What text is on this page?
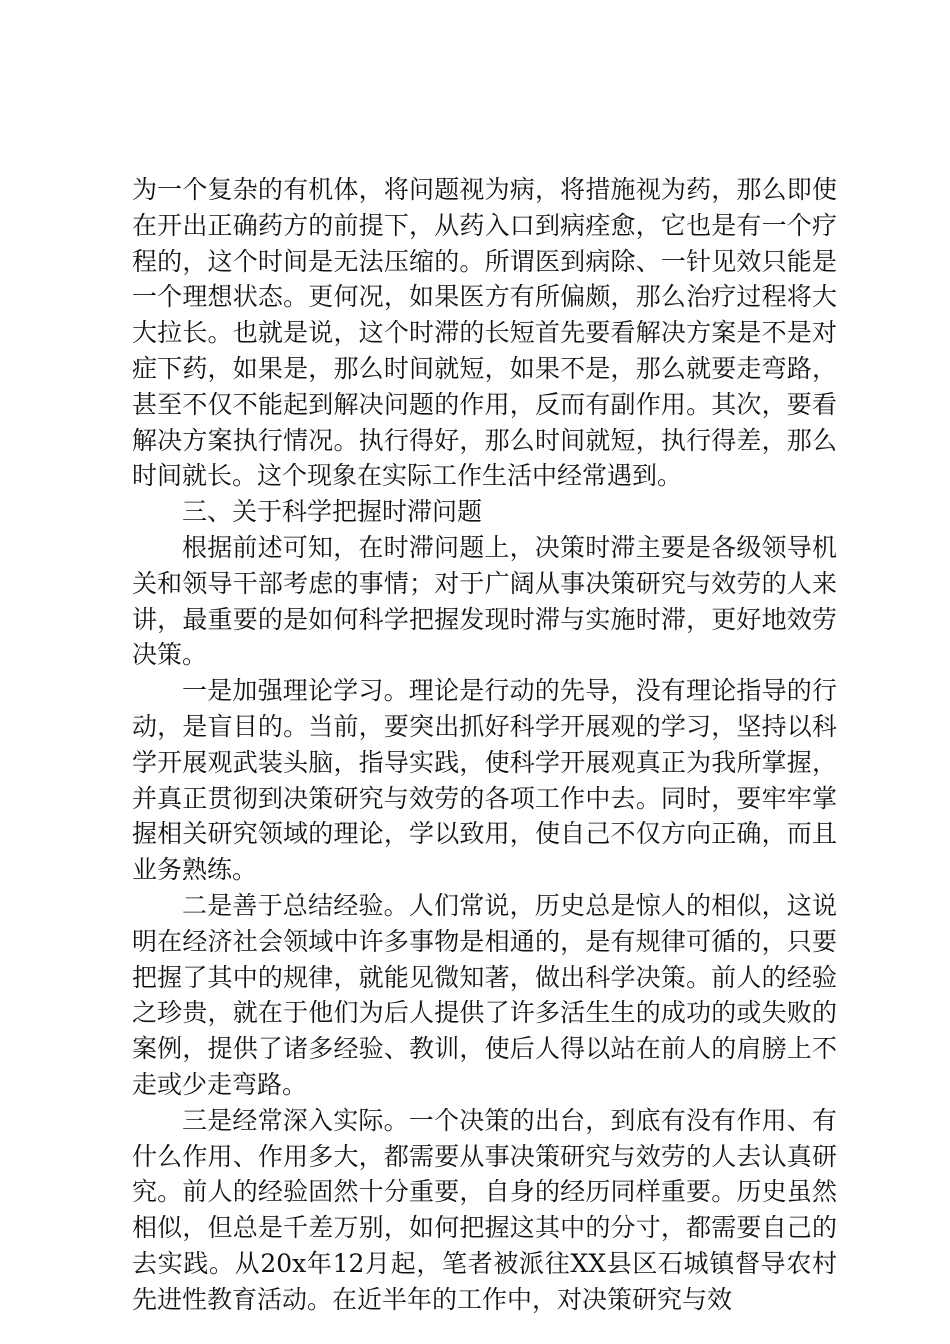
为一个复杂的有机体，将问题视为病，将措施视为药，那么即使在开出正确药方的前提下，从药入口到病痊愈，它也是有一个疗程的，这个时间是无法压缩的。所谓医到病除、一针见效只能是一个理想状态。更何况，如果医方有所偏颇，那么治疗过程将大大拉长。也就是说，这个时滞的长短首先要看解决方案是不是对症下药，如果是，那么时间就短，如果不是，那么就要走弯路，甚至不仅不能起到解决问题的作用，反而有副作用。其次，要看解决方案执行情况。执行得好，那么时间就短，执行得差，那么时间就长。这个现象在实际工作生活中经常遇到。

三、关于科学把握时滞问题

根据前述可知，在时滞问题上，决策时滞主要是各级领导机关和领导干部考虑的事情；对于广阔从事决策研究与效劳的人来讲，最重要的是如何科学把握发现时滞与实施时滞，更好地效劳决策。

一是加强理论学习。理论是行动的先导，没有理论指导的行动，是盲目的。当前，要突出抓好科学开展观的学习，坚持以科学开展观武装头脑，指导实践，使科学开展观真正为我所掌握，并真正贯彻到决策研究与效劳的各项工作中去。同时，要牢牢掌握相关研究领域的理论，学以致用，使自己不仅方向正确，而且业务熟练。

二是善于总结经验。人们常说，历史总是惊人的相似，这说明在经济社会领域中许多事物是相通的，是有规律可循的，只要把握了其中的规律，就能见微知著，做出科学决策。前人的经验之珍贵，就在于他们为后人提供了许多活生生的成功的或失败的案例，提供了诸多经验、教训，使后人得以站在前人的肩膀上不走或少走弯路。

三是经常深入实际。一个决策的出台，到底有没有作用、有什么作用、作用多大，都需要从事决策研究与效劳的人去认真研究。前人的经验固然十分重要，自身的经历同样重要。历史虽然相似，但总是千差万别，如何把握这其中的分寸，都需要自己的去实践。从20x年12月起，笔者被派往XX县区石城镇督导农村先进性教育活动。在近半年的工作中，对决策研究与效
